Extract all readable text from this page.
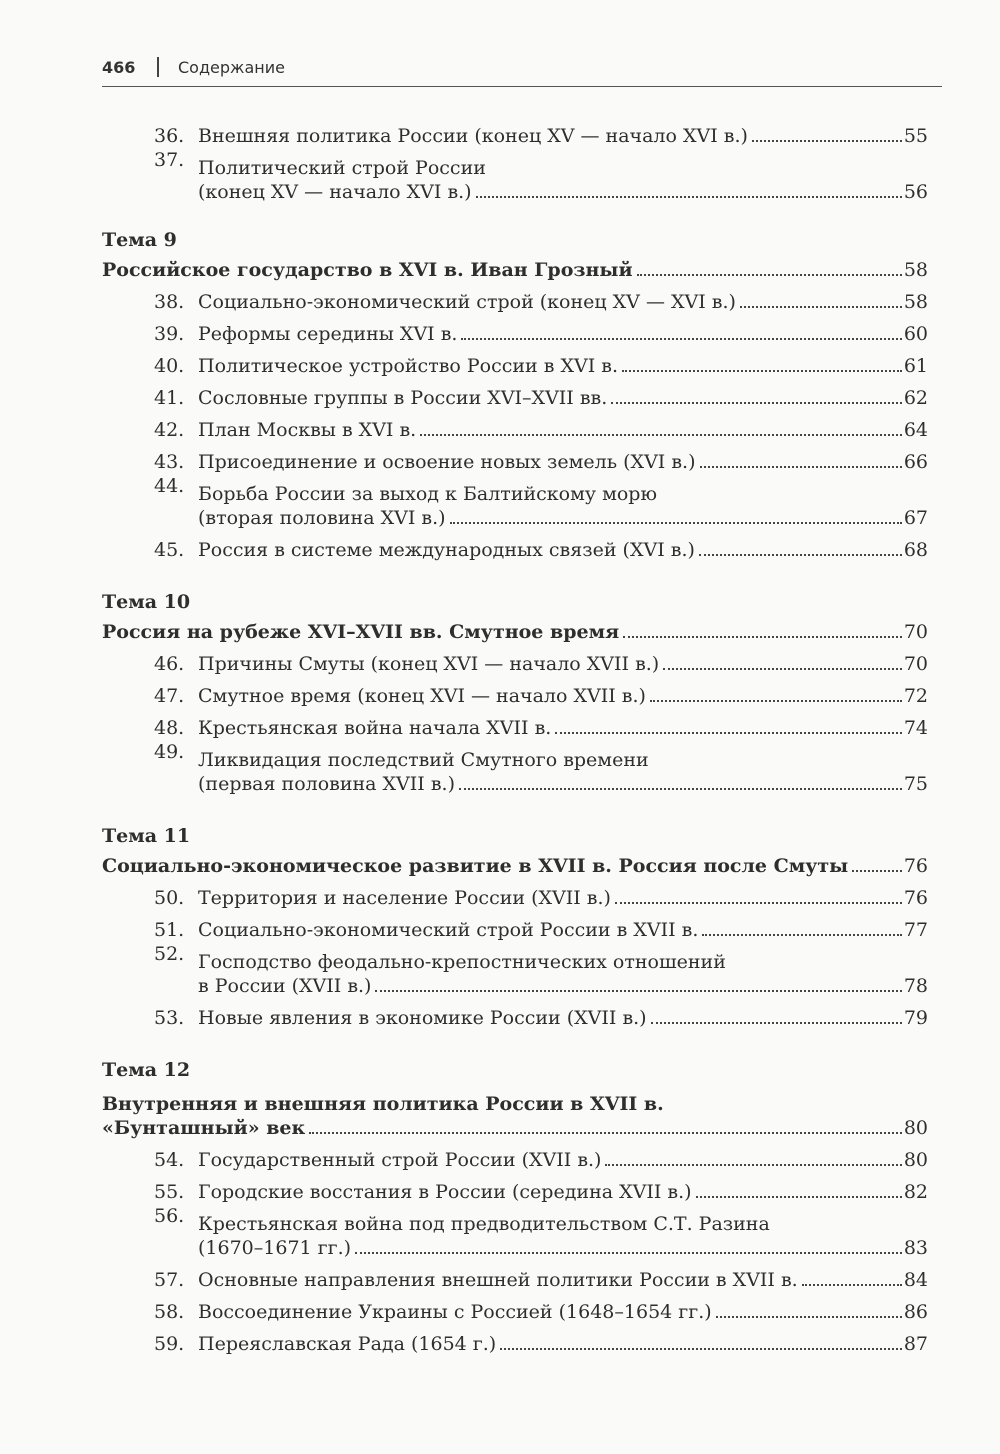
466	Содержание
36. Внешняя политика России (конец XV — начало XVI в.)	55
37. Политический строй России
(конец XV — начало XVI в.)	56
Тема 9
Российское государство в XVI в. Иван Грозный	58
38. Социально-экономический строй (конец XV — XVI в.)	58
39. Реформы середины XVI в.	60
40. Политическое устройство России в XVI в.	61
41. Сословные группы в России XVI–XVII вв.	62
42. План Москвы в XVI в.	64
43. Присоединение и освоение новых земель (XVI в.)	66
44. Борьба России за выход к Балтийскому морю
(вторая половина XVI в.)	67
45. Россия в системе международных связей (XVI в.)	68
Тема 10
Россия на рубеже XVI–XVII вв. Смутное время	70
46. Причины Смуты (конец XVI — начало XVII в.)	70
47. Смутное время (конец XVI — начало XVII в.)	72
48. Крестьянская война начала XVII в.	74
49. Ликвидация последствий Смутного времени
(первая половина XVII в.)	75
Тема 11
Социально-экономическое развитие в XVII в. Россия после Смуты	76
50. Территория и население России (XVII в.)	76
51. Социально-экономический строй России в XVII в.	77
52. Господство феодально-крепостнических отношений
в России (XVII в.)	78
53. Новые явления в экономике России (XVII в.)	79
Тема 12
Внутренняя и внешняя политика России в XVII в.
«Бунташный» век	80
54. Государственный строй России (XVII в.)	80
55. Городские восстания в России (середина XVII в.)	82
56. Крестьянская война под предводительством С.Т. Разина
(1670–1671 гг.)	83
57. Основные направления внешней политики России в XVII в.	84
58. Воссоединение Украины с Россией (1648–1654 гг.)	86
59. Переяславская Рада (1654 г.)	87
